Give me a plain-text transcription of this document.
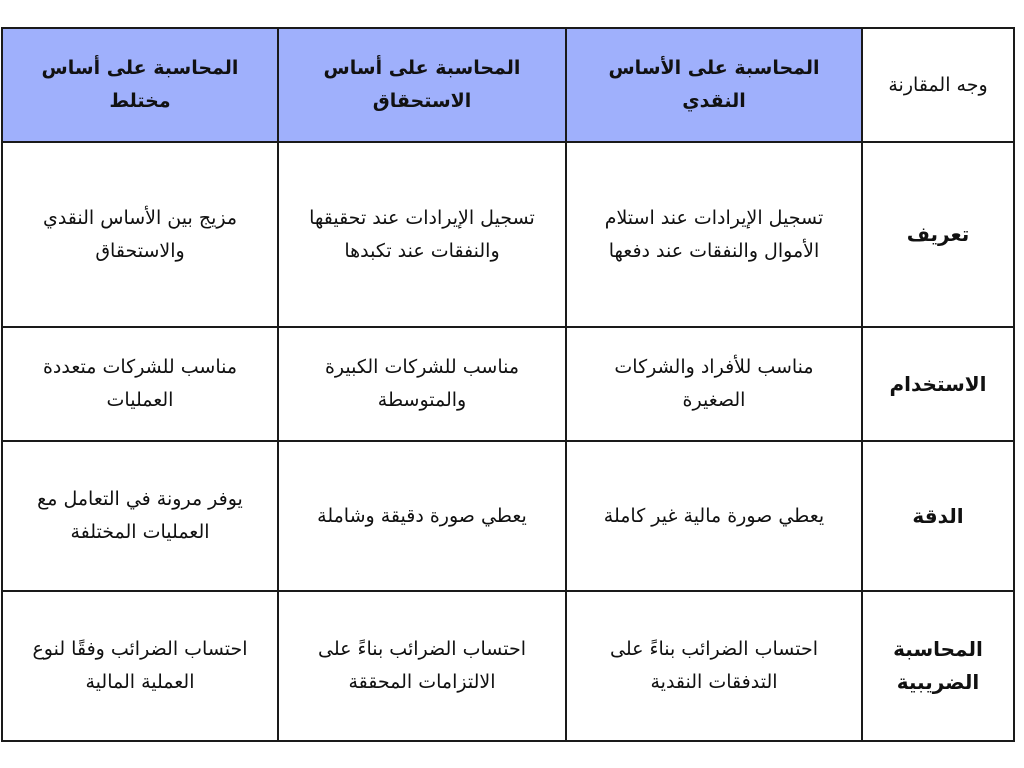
وجه المقارنة	المحاسبة على الأساس النقدي	المحاسبة على أساس الاستحقاق	المحاسبة على أساس مختلط
تعريف	تسجيل الإيرادات عند استلام الأموال والنفقات عند دفعها	تسجيل الإيرادات عند تحقيقها والنفقات عند تكبدها	مزيج بين الأساس النقدي والاستحقاق
الاستخدام	مناسب للأفراد والشركات الصغيرة	مناسب للشركات الكبيرة والمتوسطة	مناسب للشركات متعددة العمليات
الدقة	يعطي صورة مالية غير كاملة	يعطي صورة دقيقة وشاملة	يوفر مرونة في التعامل مع العمليات المختلفة
المحاسبة الضريبية	احتساب الضرائب بناءً على التدفقات النقدية	احتساب الضرائب بناءً على الالتزامات المحققة	احتساب الضرائب وفقًا لنوع العملية المالية
